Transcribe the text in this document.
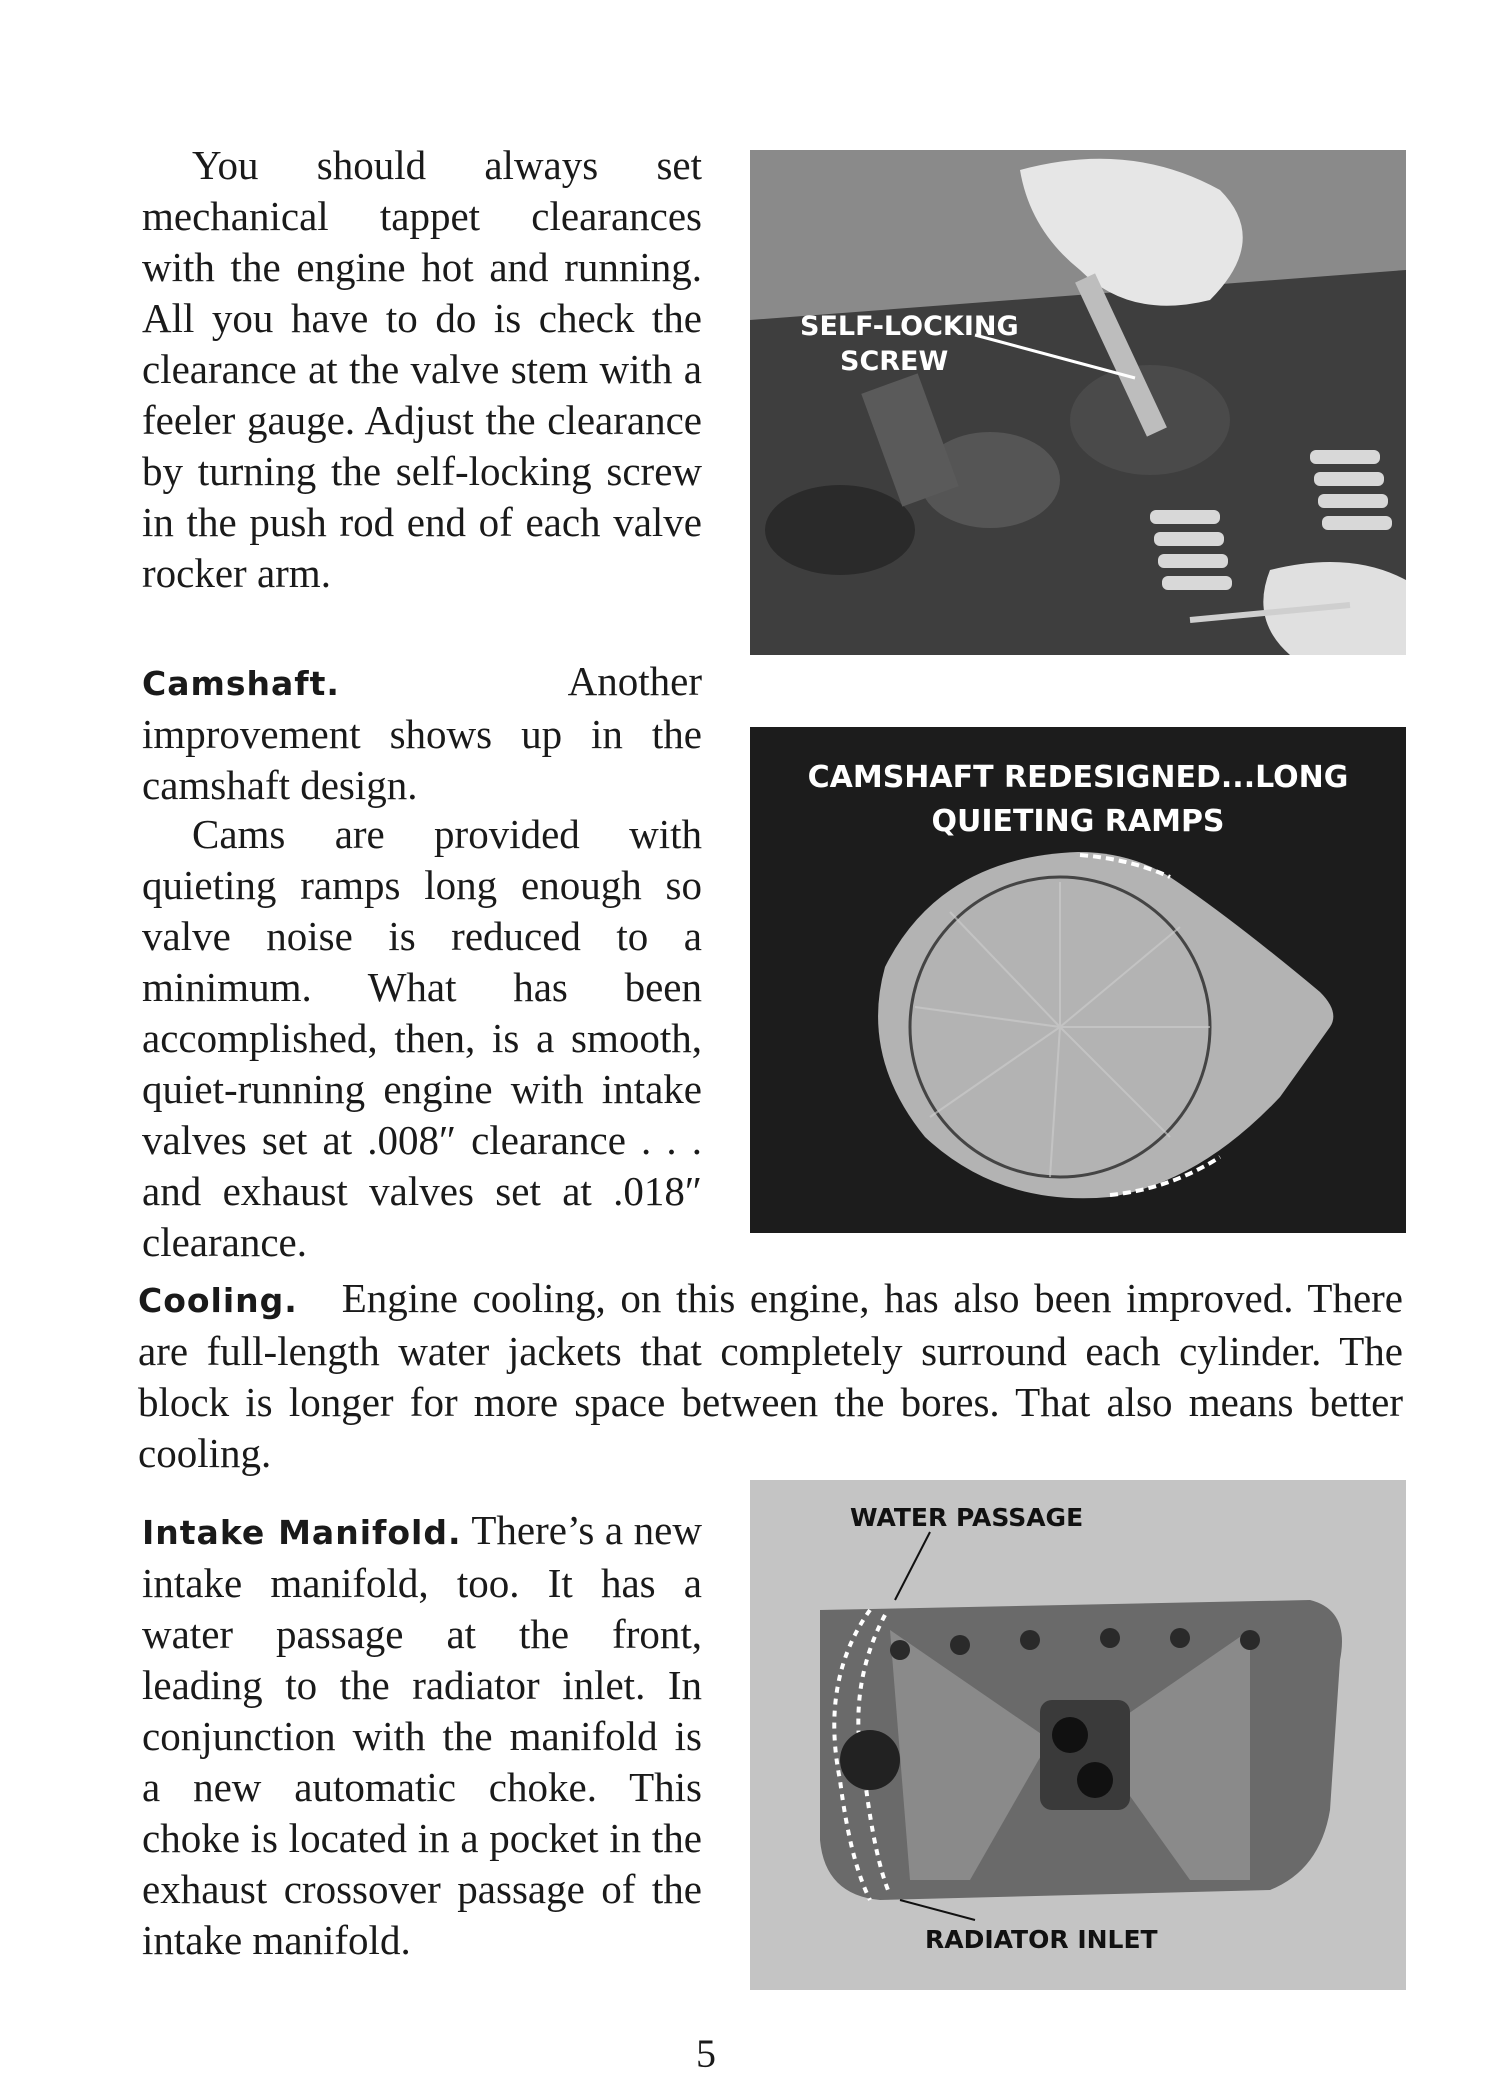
You should always set mechanical tappet clearances with the engine hot and running. All you have to do is check the clearance at the valve stem with a feeler gauge. Adjust the clearance by turning the self-locking screw in the push rod end of each valve rocker arm.

Camshaft.	Another improvement shows up in the camshaft design.

Cams are provided with quieting ramps long enough so valve noise is reduced to a minimum. What has been accomplished, then, is a smooth, quiet-running engine with intake valves set at .008″ clearance . . . and exhaust valves set at .018″ clearance.

Cooling. Engine cooling, on this engine, has also been improved. There are full-length water jackets that completely surround each cylinder. The block is longer for more space between the bores. That also means better cooling.

Intake Manifold. There’s a new intake manifold, too. It has a water passage at the front, leading to the radiator inlet. In conjunction with the manifold is a new automatic choke. This choke is located in a pocket in the exhaust crossover passage of the intake manifold.

SELF-LOCKING
SCREW
CAMSHAFT REDESIGNED...LONG
QUIETING RAMPS
WATER PASSAGE
RADIATOR INLET
5
